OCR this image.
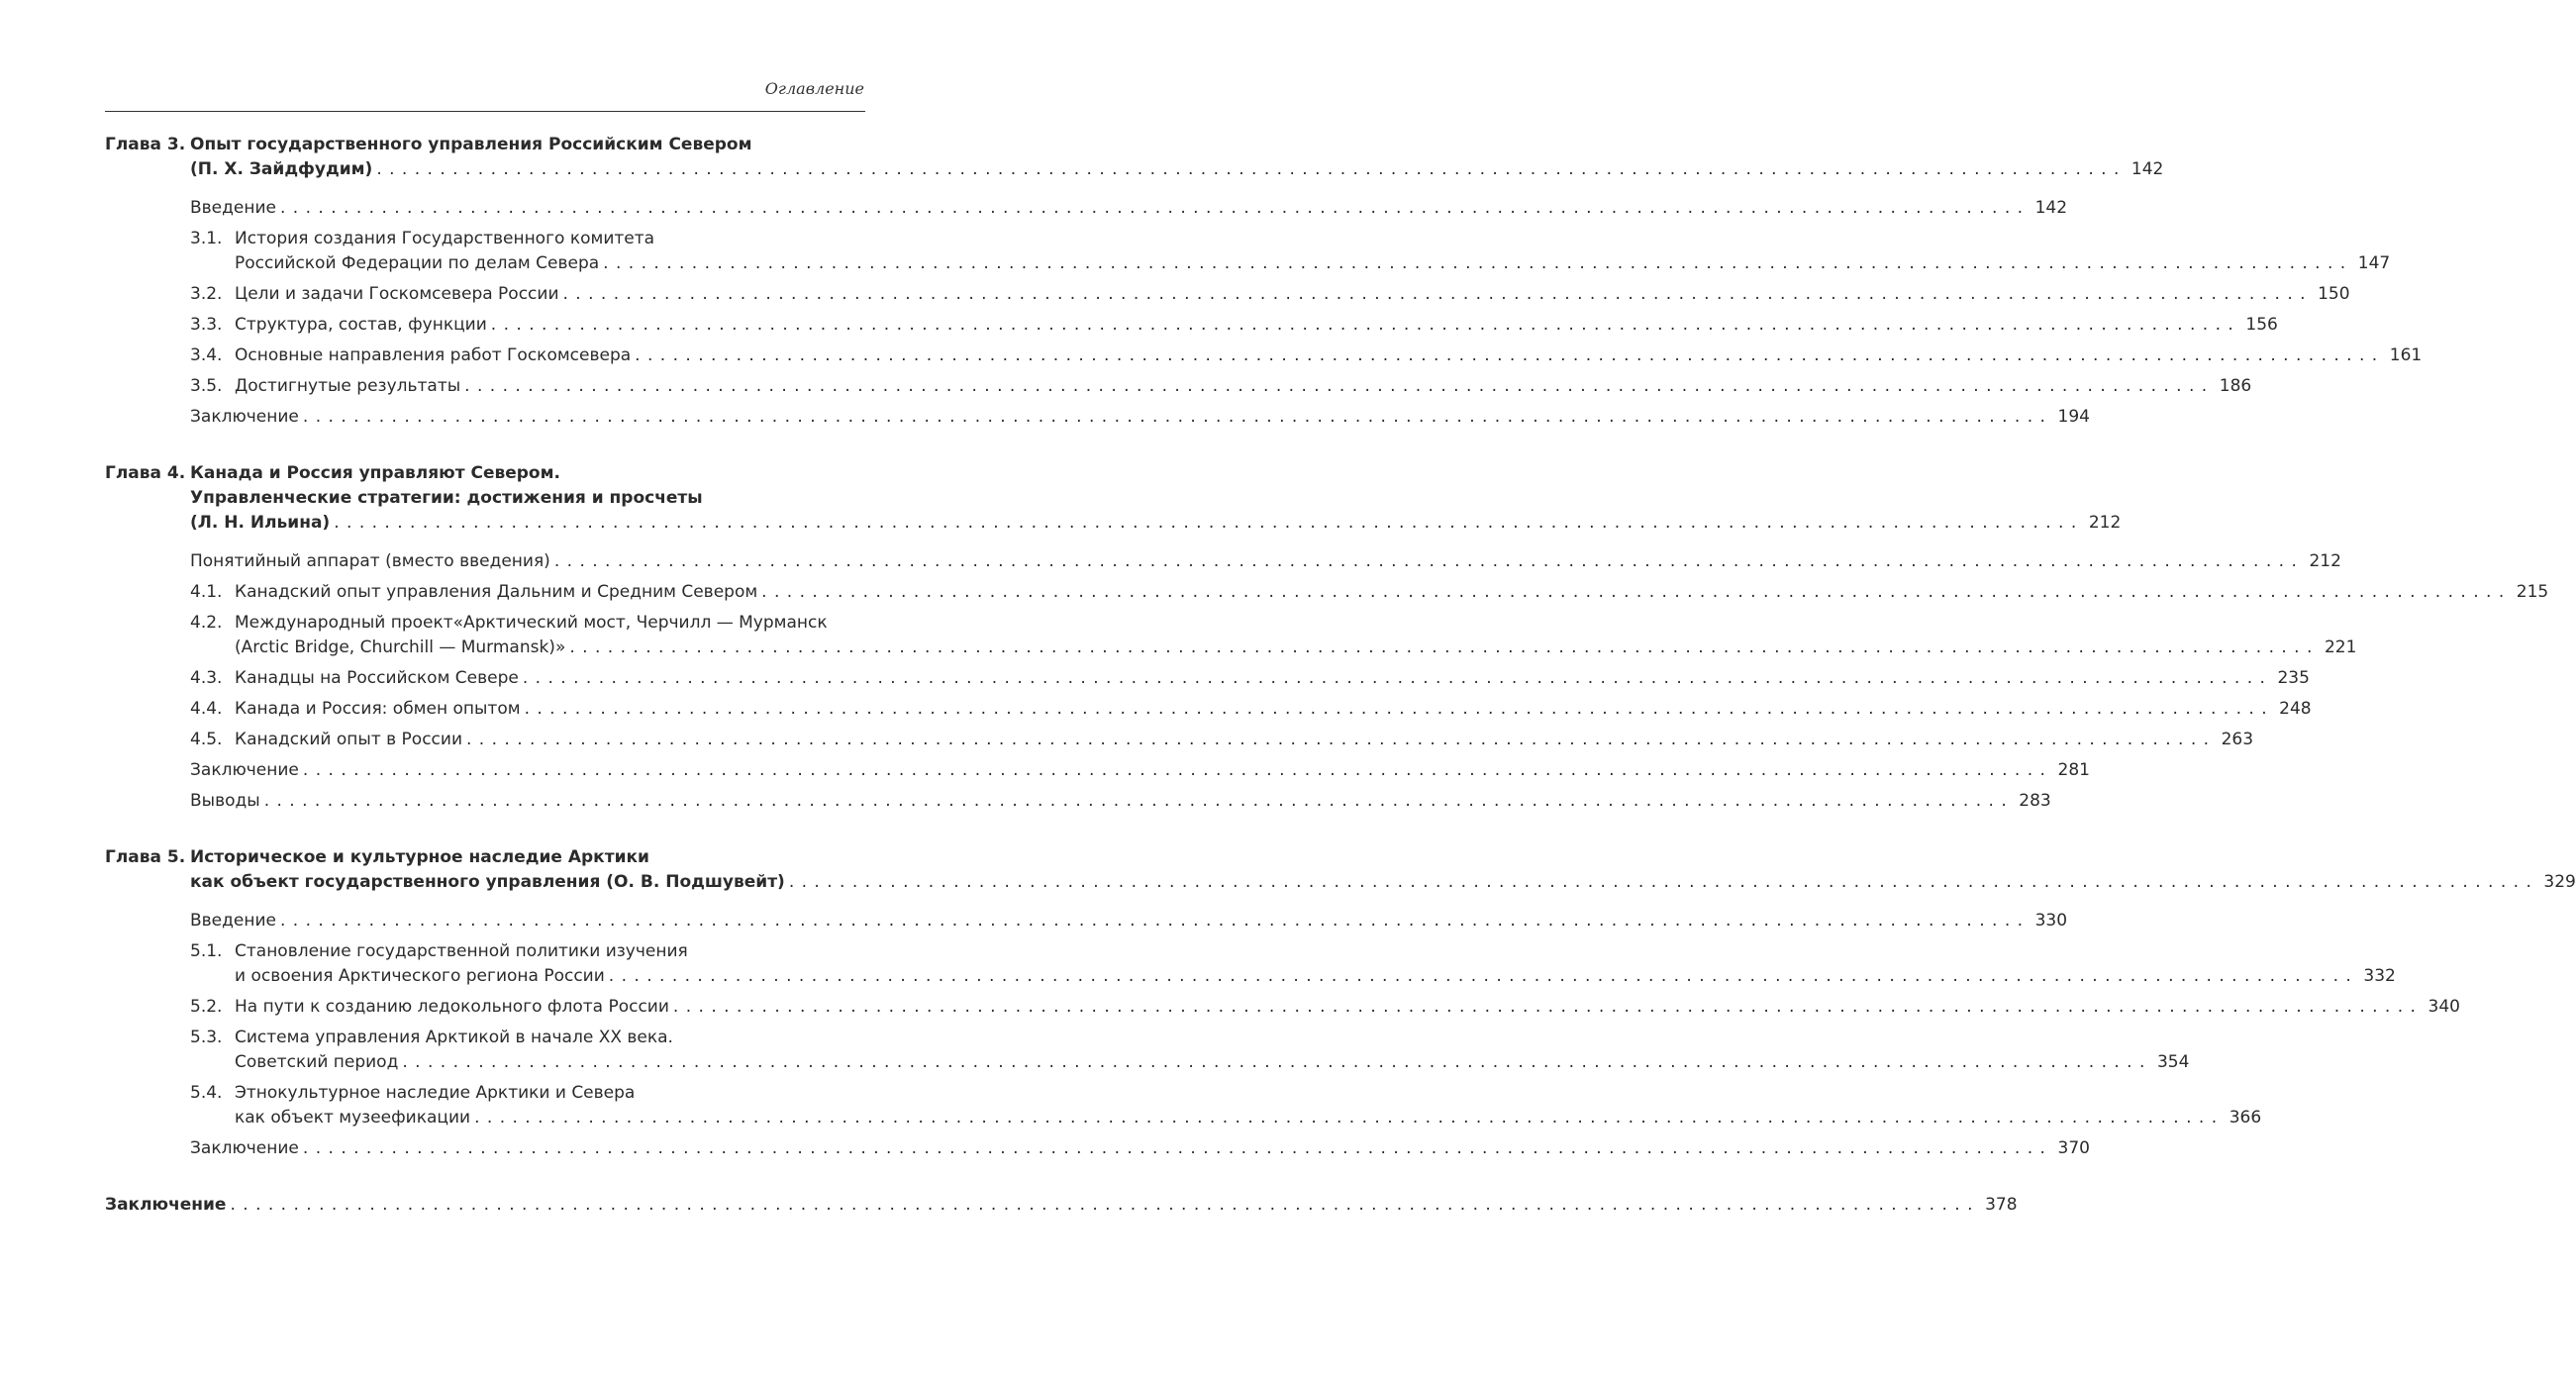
Оглавление
Глава 3. Опыт государственного управления Российским Севером
(П. Х. Зайдфудим) . . .	142
Введение . . .	142
3.1. История создания Государственного комитета
Российской Федерации по делам Севера . . .	147
3.2. Цели и задачи Госкомсевера России . . .	150
3.3. Структура, состав, функции . . .	156
3.4. Основные направления работ Госкомсевера . . .	161
3.5. Достигнутые результаты . . .	186
Заключение . . .	194
Глава 4. Канада и Россия управляют Севером.
Управленческие стратегии: достижения и просчеты
(Л. Н. Ильина) . . .	212
Понятийный аппарат (вместо введения) . . .	212
4.1. Канадский опыт управления Дальним и Средним Севером . . .	215
4.2. Международный проект«Арктический мост, Черчилл — Мурманск
(Arctic Bridge, Churchill — Murmansk)» . . .	221
4.3. Канадцы на Российском Севере . . .	235
4.4. Канада и Россия: обмен опытом . . .	248
4.5. Канадский опыт в России . . .	263
Заключение . . .	281
Выводы . . .	283
Глава 5. Историческое и культурное наследие Арктики
как объект государственного управления (О. В. Подшувейт) . . .	329
Введение . . .	330
5.1. Становление государственной политики изучения
и освоения Арктического региона России . . .	332
5.2. На пути к созданию ледокольного флота России . . .	340
5.3. Система управления Арктикой в начале XX века.
Советский период . . .	354
5.4. Этнокультурное наследие Арктики и Севера
как объект музеефикации . . .	366
Заключение . . .	370
Заключение . . .	378
